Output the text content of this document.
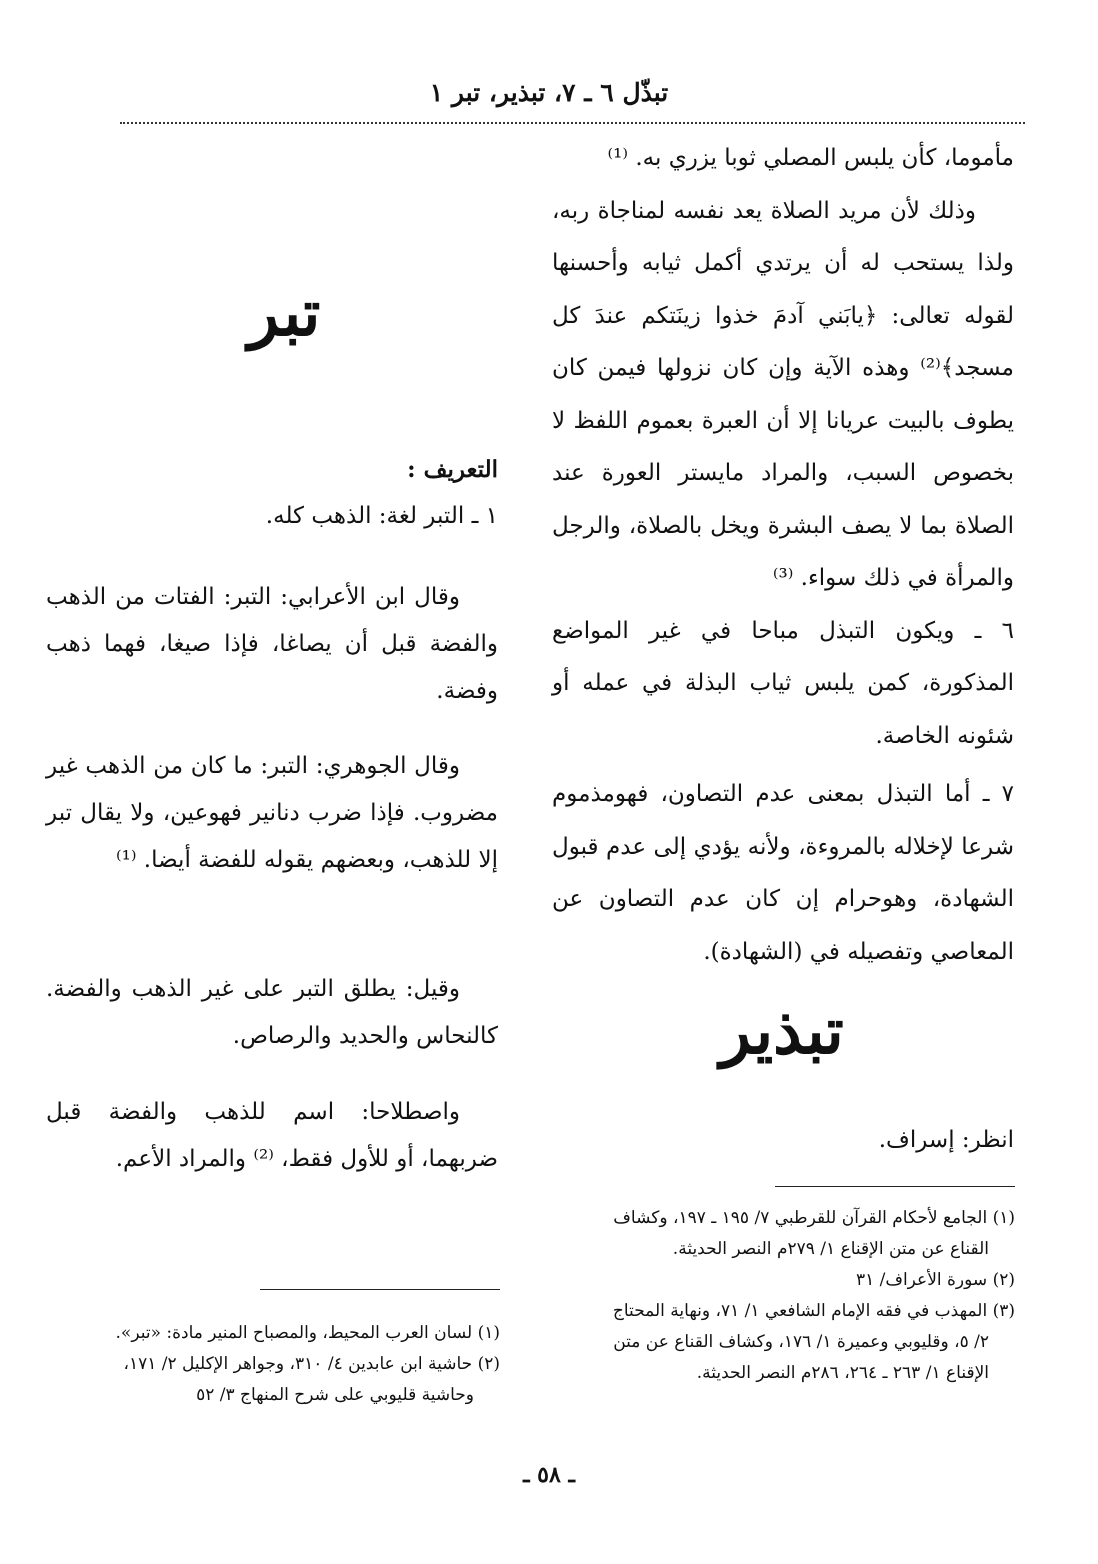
تبذّل ٦ ـ ٧، تبذير، تبر ١

مأموما، كأن يلبس المصلي ثوبا يزري به. ⁽¹⁾

وذلك لأن مريد الصلاة يعد نفسه لمناجاة ربه، ولذا يستحب له أن يرتدي أكمل ثيابه وأحسنها لقوله تعالى: ﴿يابَني آدمَ خذوا زينَتكم عندَ كل مسجد﴾⁽²⁾ وهذه الآية وإن كان نزولها فيمن كان يطوف بالبيت عريانا إلا أن العبرة بعموم اللفظ لا بخصوص السبب، والمراد مايستر العورة عند الصلاة بما لا يصف البشرة ويخل بالصلاة، والرجل والمرأة في ذلك سواء. ⁽³⁾

٦ ـ ويكون التبذل مباحا في غير المواضع المذكورة، كمن يلبس ثياب البذلة في عمله أو شئونه الخاصة.

٧ ـ أما التبذل بمعنى عدم التصاون، فهومذموم شرعا لإخلاله بالمروءة، ولأنه يؤدي إلى عدم قبول الشهادة، وهوحرام إن كان عدم التصاون عن المعاصي وتفصيله في (الشهادة).

تبذير
انظر: إسراف.
تبر
التعريف :
١ ـ التبر لغة: الذهب كله.
وقال ابن الأعرابي: التبر: الفتات من الذهب والفضة قبل أن يصاغا، فإذا صيغا، فهما ذهب وفضة.
وقال الجوهري: التبر: ما كان من الذهب غير مضروب. فإذا ضرب دنانير فهوعين، ولا يقال تبر إلا للذهب، وبعضهم يقوله للفضة أيضا. ⁽¹⁾
وقيل: يطلق التبر على غير الذهب والفضة. كالنحاس والحديد والرصاص.
واصطلاحا: اسم للذهب والفضة قبل ضربهما، أو للأول فقط، ⁽²⁾ والمراد الأعم.

(١) الجامع لأحكام القرآن للقرطبي ٧/ ١٩٥ ـ ١٩٧، وكشاف

القناع عن متن الإقناع ١/ ٢٧٩م النصر الحديثة.

(٢) سورة الأعراف/ ٣١

(٣) المهذب في فقه الإمام الشافعي ١/ ٧١، ونهاية المحتاج

٢/ ٥، وقليوبي وعميرة ١/ ١٧٦، وكشاف القناع عن متن

الإقناع ١/ ٢٦٣ ـ ٢٦٤، ٢٨٦م النصر الحديثة.

(١) لسان العرب المحيط، والمصباح المنير مادة: «تبر».

(٢) حاشية ابن عابدين ٤/ ٣١٠، وجواهر الإكليل ٢/ ١٧١،

وحاشية قليوبي على شرح المنهاج ٣/ ٥٢

ـ ٥٨ ـ
